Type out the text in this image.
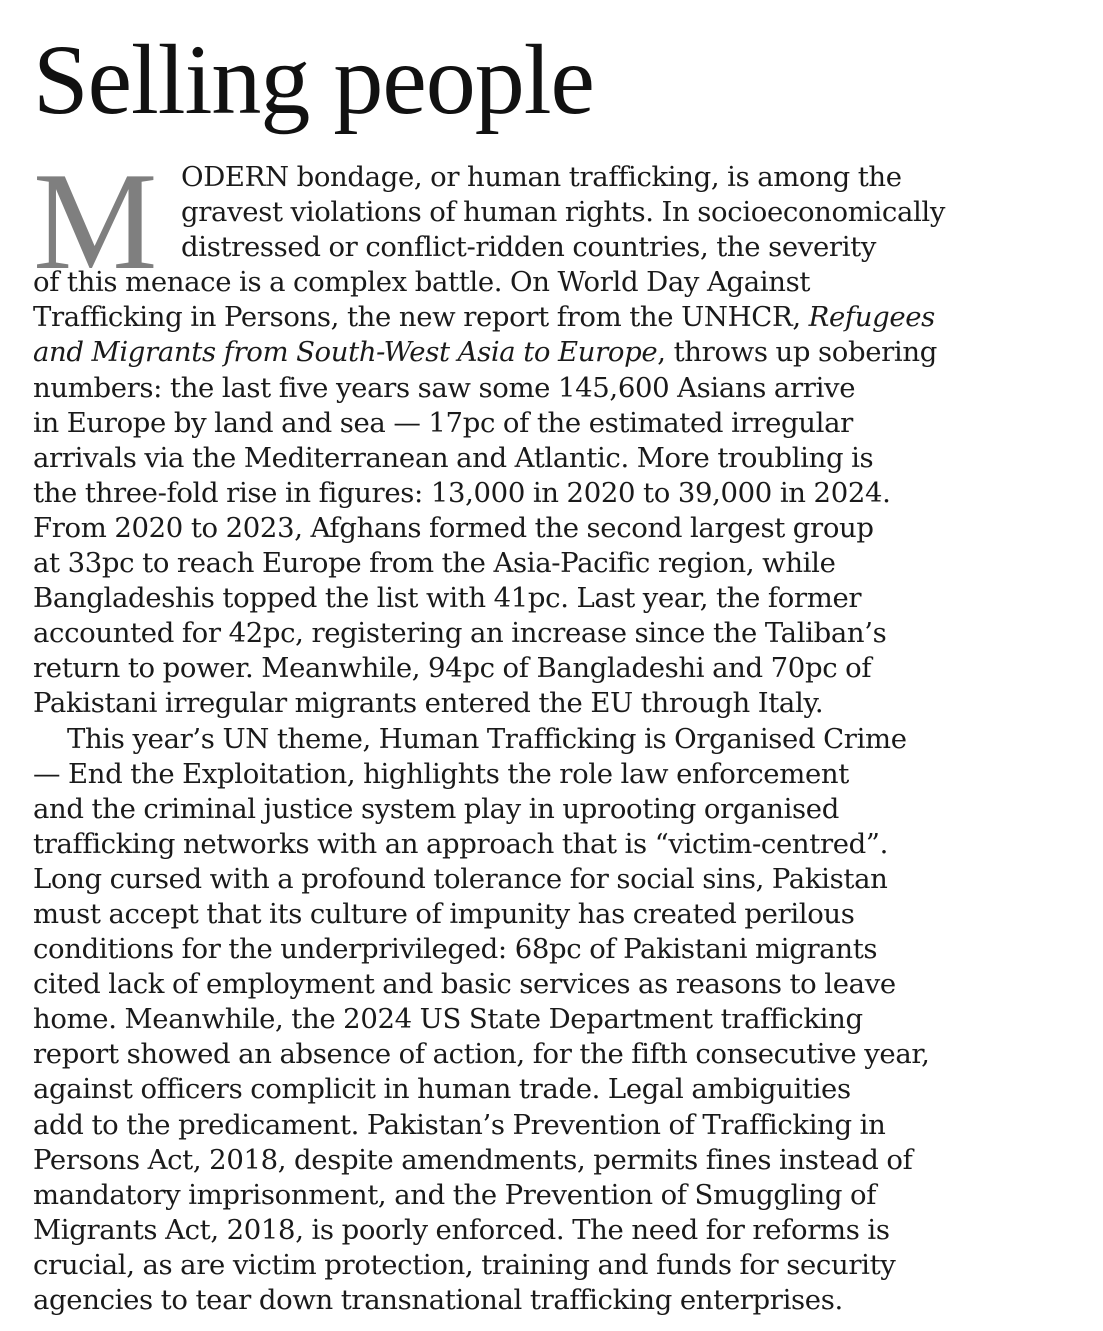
Selling people
M ODERN bondage, or human trafficking, is among the
gravest violations of human rights. In socioeconomically
distressed or conflict-ridden countries, the severity
of this menace is a complex battle. On World Day Against
Trafficking in Persons, the new report from the UNHCR, Refugees
and Migrants from South-West Asia to Europe, throws up sobering
numbers: the last five years saw some 145,600 Asians arrive
in Europe by land and sea — 17pc of the estimated irregular
arrivals via the Mediterranean and Atlantic. More troubling is
the three-fold rise in figures: 13,000 in 2020 to 39,000 in 2024.
From 2020 to 2023, Afghans formed the second largest group
at 33pc to reach Europe from the Asia-Pacific region, while
Bangladeshis topped the list with 41pc. Last year, the former
accounted for 42pc, registering an increase since the Taliban’s
return to power. Meanwhile, 94pc of Bangladeshi and 70pc of
Pakistani irregular migrants entered the EU through Italy.
This year’s UN theme, Human Trafficking is Organised Crime
— End the Exploitation, highlights the role law enforcement
and the criminal justice system play in uprooting organised
trafficking networks with an approach that is “victim-centred”.
Long cursed with a profound tolerance for social sins, Pakistan
must accept that its culture of impunity has created perilous
conditions for the underprivileged: 68pc of Pakistani migrants
cited lack of employment and basic services as reasons to leave
home. Meanwhile, the 2024 US State Department trafficking
report showed an absence of action, for the fifth consecutive year,
against officers complicit in human trade. Legal ambiguities
add to the predicament. Pakistan’s Prevention of Trafficking in
Persons Act, 2018, despite amendments, permits fines instead of
mandatory imprisonment, and the Prevention of Smuggling of
Migrants Act, 2018, is poorly enforced. The need for reforms is
crucial, as are victim protection, training and funds for security
agencies to tear down transnational trafficking enterprises.
